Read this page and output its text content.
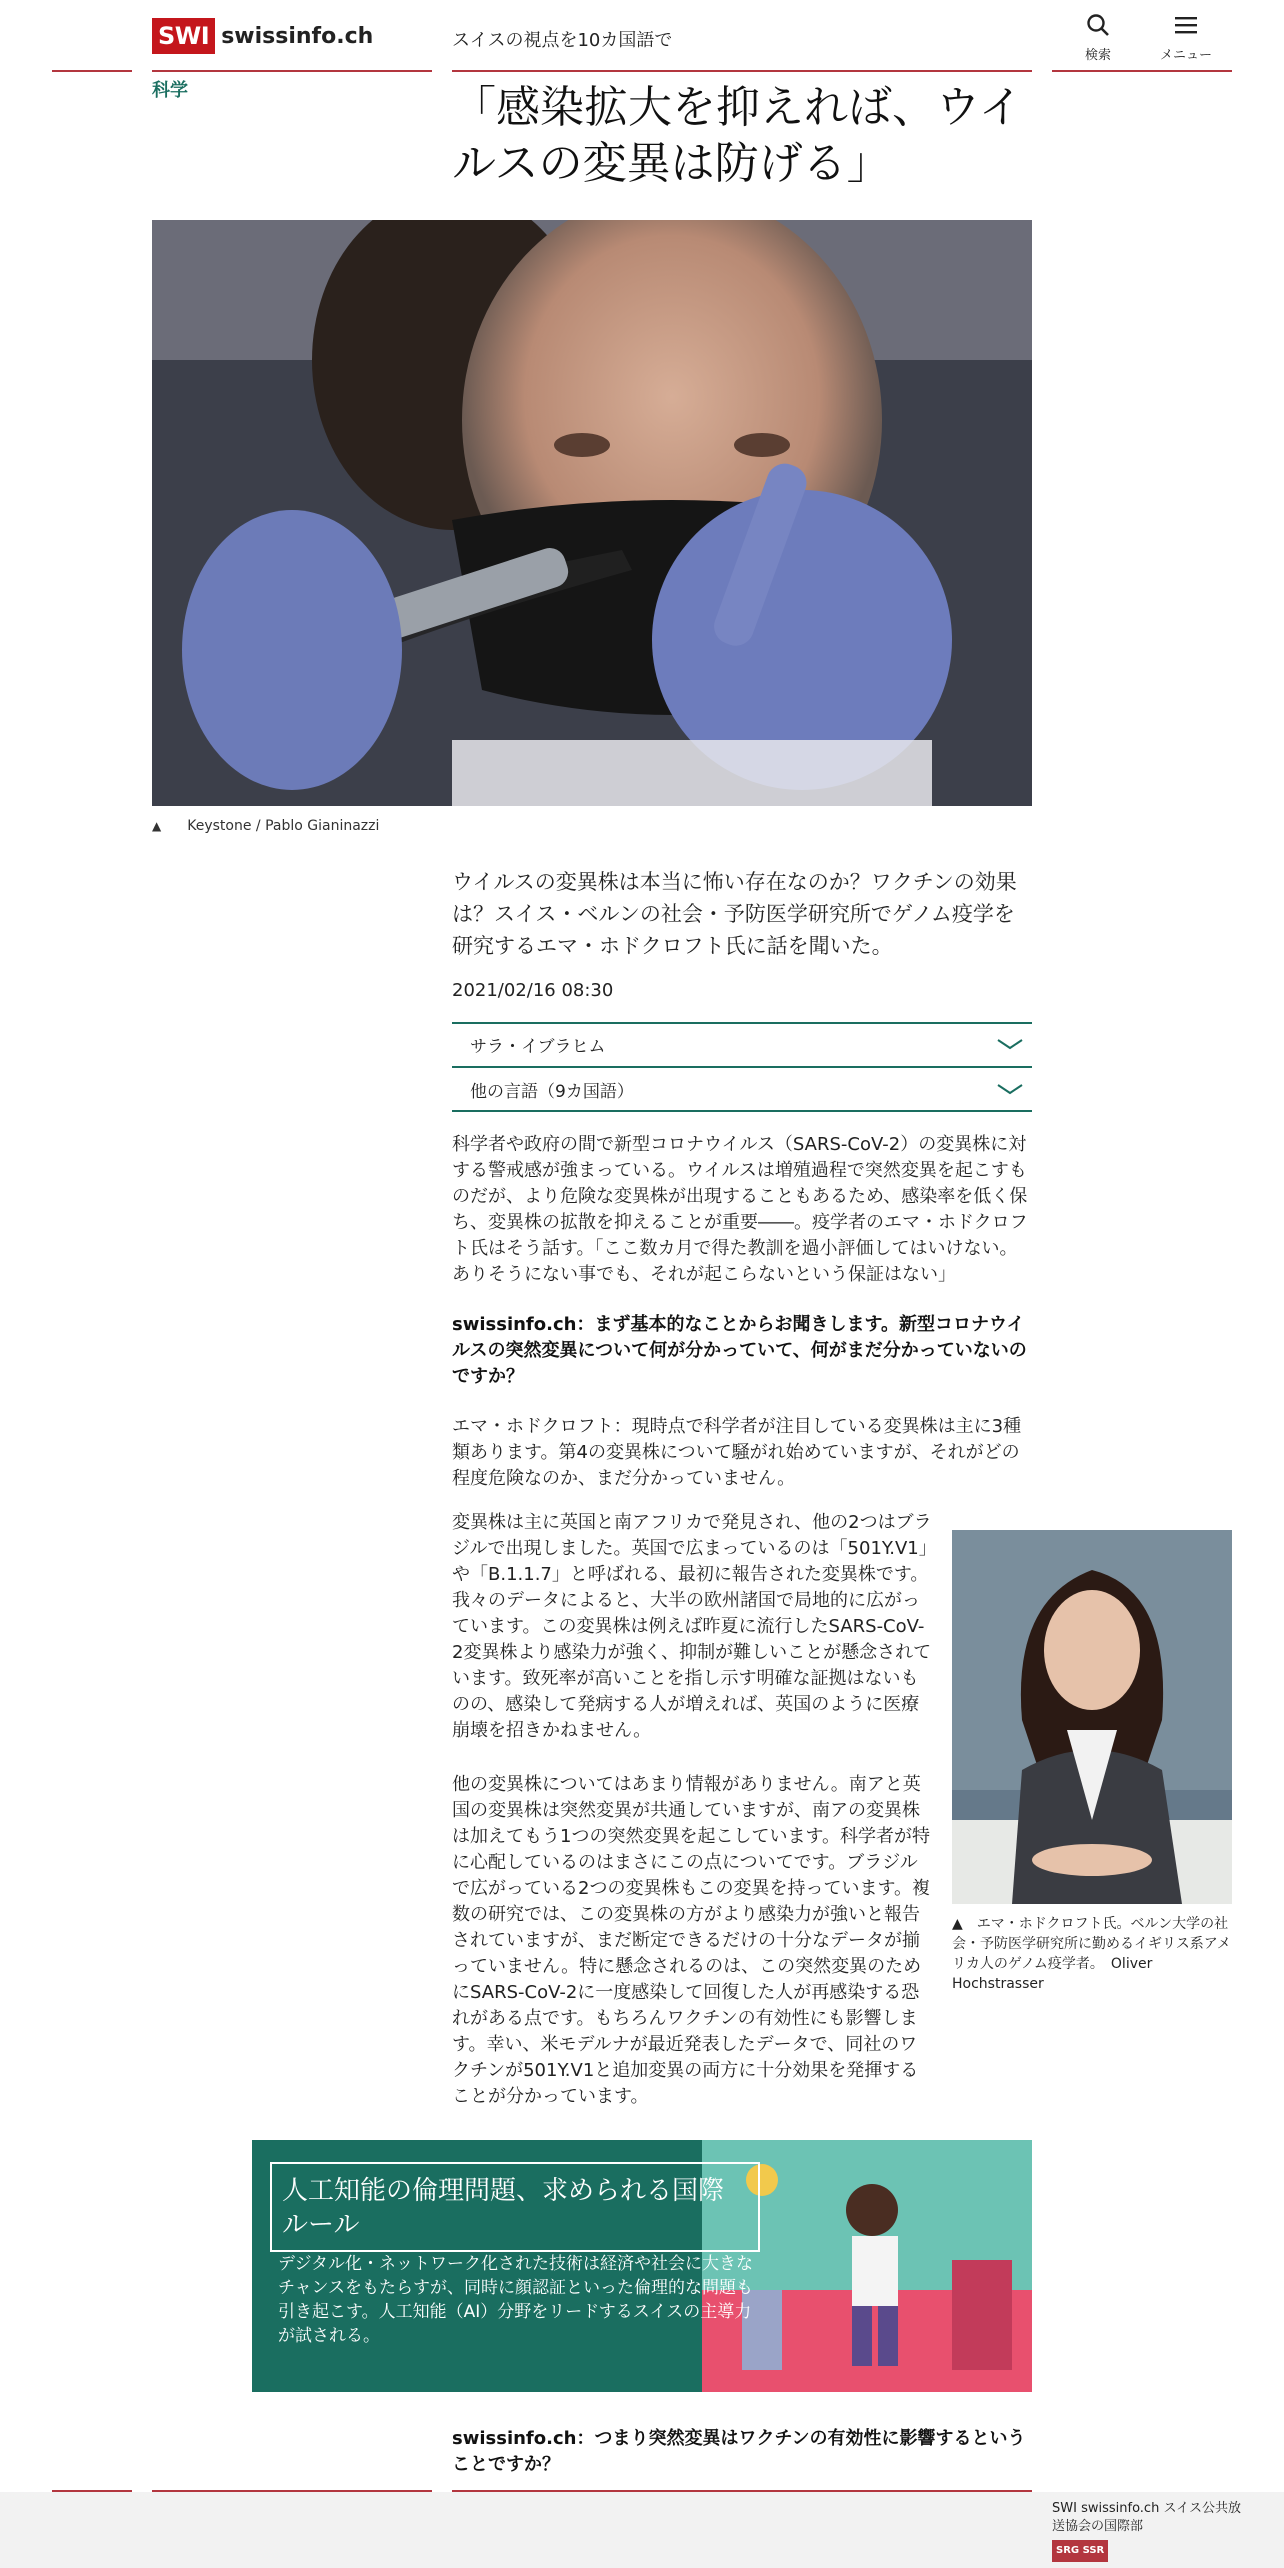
SWI swissinfo.ch	スイスの視点を10カ国語で
検索	メニュー
科学	「感染拡大を抑えれば、ウイルスの変異は防げる」
▲ Keystone / Pablo Gianinazzi
ウイルスの変異株は本当に怖い存在なのか？ワクチンの効果は？スイス・ベルンの社会・予防医学研究所でゲノム疫学を研究するエマ・ホドクロフト氏に話を聞いた。
2021/02/16 08:30
サラ・イブラヒム
他の言語（9カ国語）

科学者や政府の間で新型コロナウイルス（SARS-CoV-2）の変異株に対する警戒感が強まっている。ウイルスは増殖過程で突然変異を起こすものだが、より危険な変異株が出現することもあるため、感染率を低く保ち、変異株の拡散を抑えることが重要――。疫学者のエマ・ホドクロフト氏はそう話す。「ここ数カ月で得た教訓を過小評価してはいけない。ありそうにない事でも、それが起こらないという保証はない」

swissinfo.ch：まず基本的なことからお聞きします。新型コロナウイルスの突然変異について何が分かっていて、何がまだ分かっていないのですか？

エマ・ホドクロフト：現時点で科学者が注目している変異株は主に3種類あります。第4の変異株について騒がれ始めていますが、それがどの程度危険なのか、まだ分かっていません。

変異株は主に英国と南アフリカで発見され、他の2つはブラジルで出現しました。英国で広まっているのは「501Y.V1」や「B.1.1.7」と呼ばれる、最初に報告された変異株です。我々のデータによると、大半の欧州諸国で局地的に広がっています。この変異株は例えば昨夏に流行したSARS-CoV-2変異株より感染力が強く、抑制が難しいことが懸念されています。致死率が高いことを指し示す明確な証拠はないものの、感染して発病する人が増えれば、英国のように医療崩壊を招きかねません。

他の変異株についてはあまり情報がありません。南アと英国の変異株は突然変異が共通していますが、南アの変異株は加えてもう1つの突然変異を起こしています。科学者が特に心配しているのはまさにこの点についてです。ブラジルで広がっている2つの変異株もこの変異を持っています。複数の研究では、この変異株の方がより感染力が強いと報告されていますが、まだ断定できるだけの十分なデータが揃っていません。特に懸念されるのは、この突然変異のためにSARS-CoV-2に一度感染して回復した人が再感染する恐れがある点です。もちろんワクチンの有効性にも影響します。幸い、米モデルナが最近発表したデータで、同社のワクチンが501Y.V1と追加変異の両方に十分効果を発揮することが分かっています。

▲　 エマ・ホドクロフト氏。ベルン大学の社会・予防医学研究所に勤めるイギリス系アメリカ人のゲノム疫学者。　 Oliver Hochstrasser
人工知能の倫理問題、求められる国際ルール
デジタル化・ネットワーク化された技術は経済や社会に大きなチャンスをもたらすが、同時に顔認証といった倫理的な問題も引き起こす。人工知能（AI）分野をリードするスイスの主導力が試される。

swissinfo.ch：つまり突然変異はワクチンの有効性に影響するということですか？

SWI swissinfo.ch スイス公共放送協会の国際部
SRG SSR
